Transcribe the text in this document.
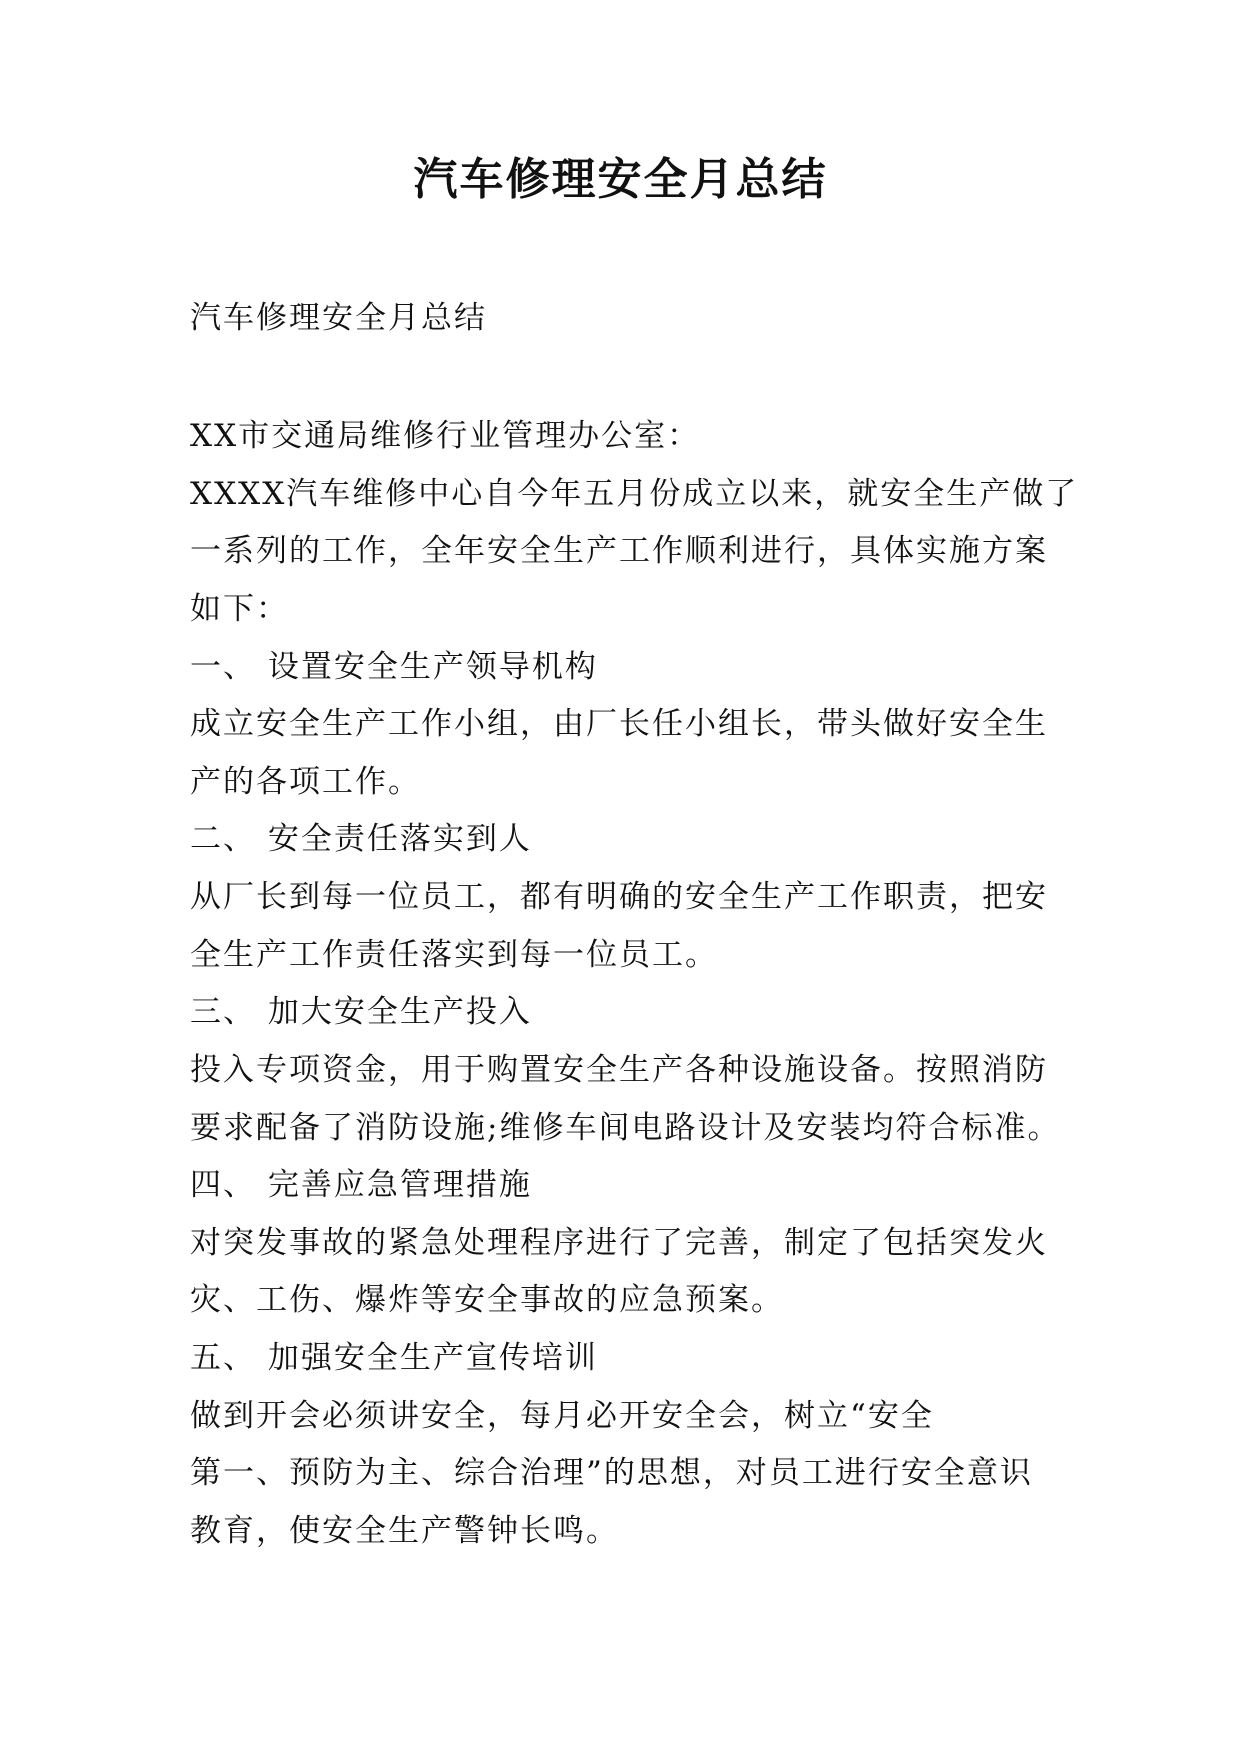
汽车修理安全月总结
汽车修理安全月总结
XX市交通局维修行业管理办公室：
XXXX汽车维修中心自今年五月份成立以来，就安全生产做了
一系列的工作，全年安全生产工作顺利进行，具体实施方案
如下：
一、 设置安全生产领导机构
成立安全生产工作小组，由厂长任小组长，带头做好安全生
产的各项工作。
二、 安全责任落实到人
从厂长到每一位员工，都有明确的安全生产工作职责，把安
全生产工作责任落实到每一位员工。
三、 加大安全生产投入
投入专项资金，用于购置安全生产各种设施设备。按照消防
要求配备了消防设施;维修车间电路设计及安装均符合标准。
四、 完善应急管理措施
对突发事故的紧急处理程序进行了完善，制定了包括突发火
灾、工伤、爆炸等安全事故的应急预案。
五、 加强安全生产宣传培训
做到开会必须讲安全，每月必开安全会，树立“安全
第一、预防为主、综合治理”的思想，对员工进行安全意识
教育，使安全生产警钟长鸣。
